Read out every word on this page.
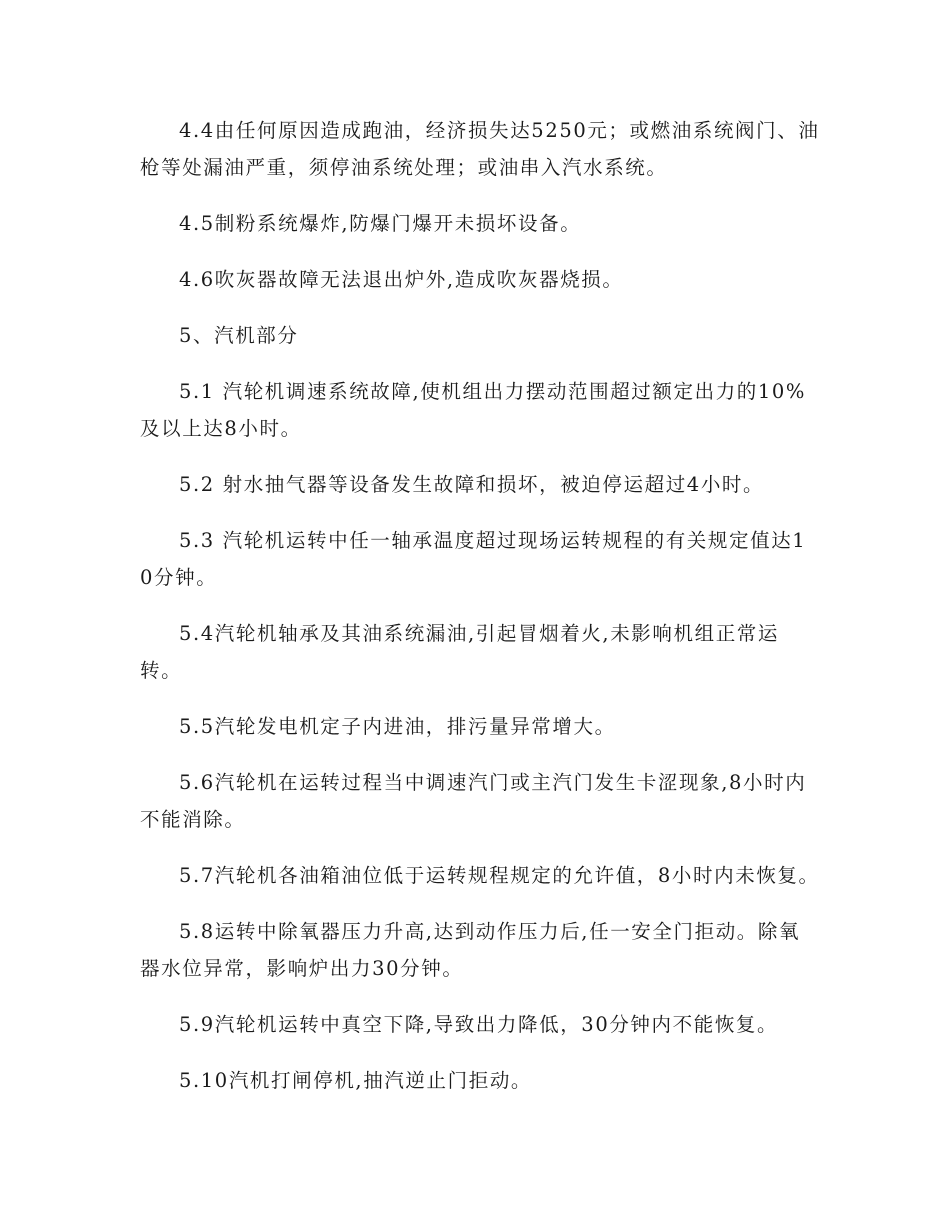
4.4由任何原因造成跑油，经济损失达5250元；或燃油系统阀门、油枪等处漏油严重，须停油系统处理；或油串入汽水系统。

4.5制粉系统爆炸,防爆门爆开未损坏设备。

4.6吹灰器故障无法退出炉外,造成吹灰器烧损。

5、汽机部分

5.1 汽轮机调速系统故障,使机组出力摆动范围超过额定出力的10%及以上达8小时。

5.2 射水抽气器等设备发生故障和损坏，被迫停运超过4小时。

5.3 汽轮机运转中任一轴承温度超过现场运转规程的有关规定值达10分钟。

5.4汽轮机轴承及其油系统漏油,引起冒烟着火,未影响机组正常运转。

5.5汽轮发电机定子内进油，排污量异常增大。

5.6汽轮机在运转过程当中调速汽门或主汽门发生卡涩现象,8小时内不能消除。

5.7汽轮机各油箱油位低于运转规程规定的允许值，8小时内未恢复。

5.8运转中除氧器压力升高,达到动作压力后,任一安全门拒动。除氧器水位异常，影响炉出力30分钟。

5.9汽轮机运转中真空下降,导致出力降低，30分钟内不能恢复。

5.10汽机打闸停机,抽汽逆止门拒动。
